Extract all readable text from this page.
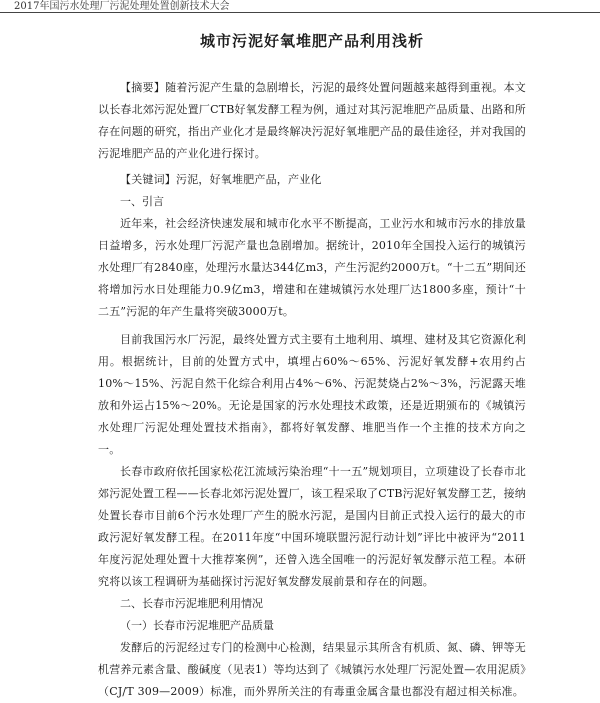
2017年国污水处理厂污泥处理处置创新技术大会
城市污泥好氧堆肥产品利用浅析

【摘要】随着污泥产生量的急剧增长，污泥的最终处置问题越来越得到重视。本文以长春北郊污泥处置厂CTB好氧发酵工程为例，通过对其污泥堆肥产品质量、出路和所存在问题的研究，指出产业化才是最终解决污泥好氧堆肥产品的最佳途径，并对我国的污泥堆肥产品的产业化进行探讨。

【关键词】污泥，好氧堆肥产品，产业化

一、引言

近年来，社会经济快速发展和城市化水平不断提高，工业污水和城市污水的排放量日益增多，污水处理厂污泥产量也急剧增加。据统计，2010年全国投入运行的城镇污水处理厂有2840座，处理污水量达344亿m3，产生污泥约2000万t。“十二五”期间还将增加污水日处理能力0.9亿m3，增建和在建城镇污水处理厂达1800多座，预计“十二五”污泥的年产生量将突破3000万t。

目前我国污水厂污泥，最终处置方式主要有土地利用、填埋、建材及其它资源化利用。根据统计，目前的处置方式中，填埋占60%～65%、污泥好氧发酵+农用约占10%～15%、污泥自然干化综合利用占4%～6%、污泥焚烧占2%～3%，污泥露天堆放和外运占15%～20%。无论是国家的污水处理技术政策，还是近期颁布的《城镇污水处理厂污泥处理处置技术指南》，都将好氧发酵、堆肥当作一个主推的技术方向之一。

长春市政府依托国家松花江流域污染治理“十一五”规划项目，立项建设了长春市北郊污泥处置工程——长春北郊污泥处置厂，该工程采取了CTB污泥好氧发酵工艺，接纳处置长春市目前6个污水处理厂产生的脱水污泥，是国内目前正式投入运行的最大的市政污泥好氧发酵工程。在2011年度“中国环境联盟污泥行动计划”评比中被评为“2011年度污泥处理处置十大推荐案例”，还曾入选全国唯一的污泥好氧发酵示范工程。本研究将以该工程调研为基础探讨污泥好氧发酵发展前景和存在的问题。

二、长春市污泥堆肥利用情况

（一）长春市污泥堆肥产品质量

发酵后的污泥经过专门的检测中心检测，结果显示其所含有机质、氮、磷、钾等无机营养元素含量、酸碱度（见表1）等均达到了《城镇污水处理厂污泥处置—农用泥质》（CJ/T 309—2009）标准，而外界所关注的有毒重金属含量也都没有超过相关标准。
